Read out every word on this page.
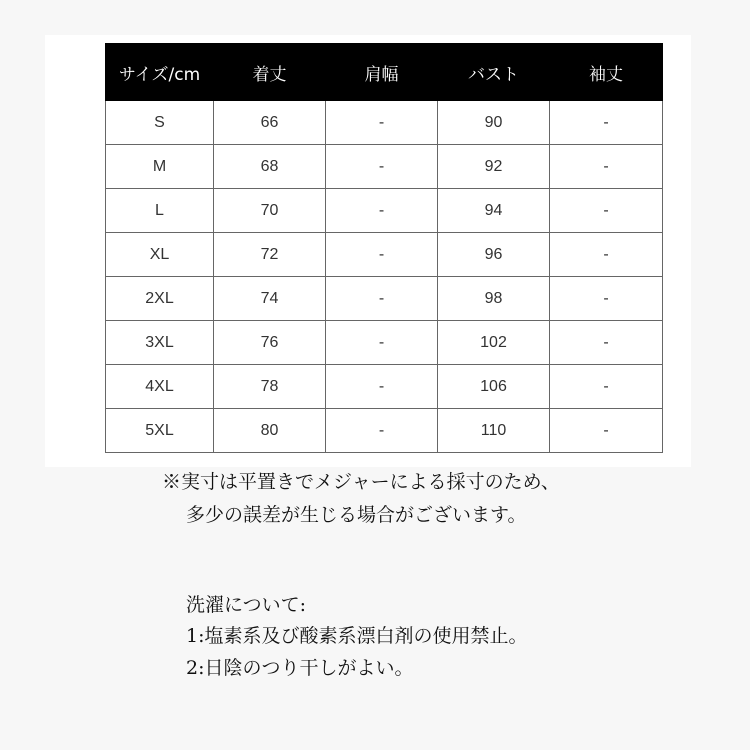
サイズ/cm	着丈	肩幅	バスト	袖丈
S	66	-	90	-
M	68	-	92	-
L	70	-	94	-
XL	72	-	96	-
2XL	74	-	98	-
3XL	76	-	102	-
4XL	78	-	106	-
5XL	80	-	110	-
※実寸は平置きでメジャーによる採寸のため、
多少の誤差が生じる場合がございます。
洗濯について:
1:塩素系及び酸素系漂白剤の使用禁止。
2:日陰のつり干しがよい。
